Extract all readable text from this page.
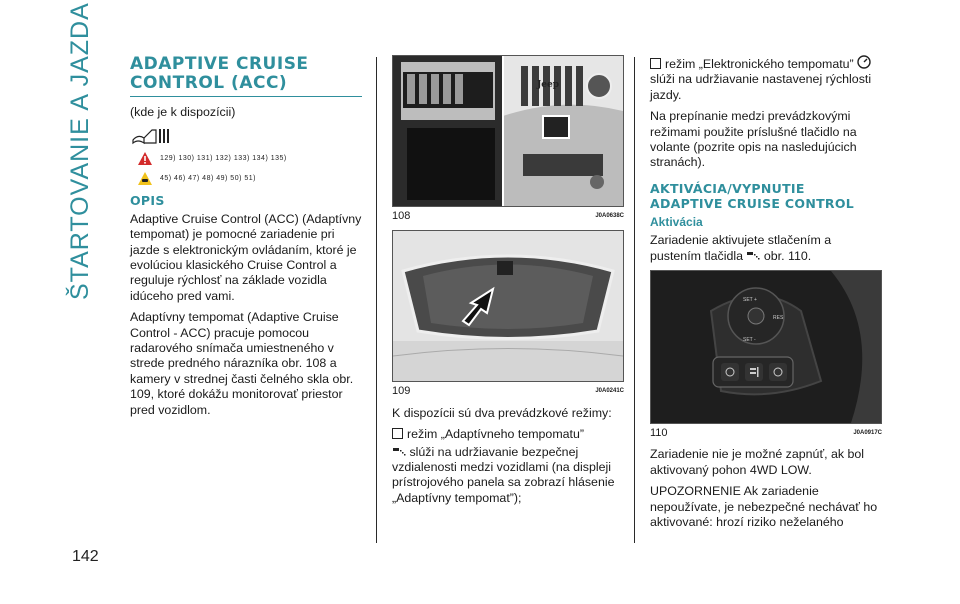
ŠTARTOVANIE A JAZDA
142
ADAPTIVE CRUISE CONTROL (ACC)

(kde je k dispozícii)

129) 130) 131) 132) 133) 134) 135)
45) 46) 47) 48) 49) 50) 51)
OPIS

Adaptive Cruise Control (ACC) (Adaptívny tempomat) je pomocné zariadenie pri jazde s elektronickým ovládaním, ktoré je evolúciou klasického Cruise Control a reguluje rýchlosť na základe vozidla idúceho pred vami.

Adaptívny tempomat (Adaptive Cruise Control - ACC) pracuje pomocou radarového snímača umiestneného v strede predného nárazníka obr. 108 a kamery v strednej časti čelného skla obr. 109, ktoré dokážu monitorovať priestor pred vozidlom.

Jeep
108	J0A0638C
109	J0A0241C

K dispozícii sú dva prevádzkové režimy:

režim „Adaptívneho tempomatu”

slúži na udržiavanie bezpečnej vzdialenosti medzi vozidlami (na displeji prístrojového panela sa zobrazí hlásenie „Adaptívny tempomat”);

režim „Elektronického tempomatu”

slúži na udržiavanie nastavenej rýchlosti jazdy.

Na prepínanie medzi prevádzkovými režimami použite príslušné tlačidlo na volante (pozrite opis na nasledujúcich stranách).

AKTIVÁCIA/VYPNUTIE ADAPTIVE CRUISE CONTROL
Aktivácia

Zariadenie aktivujete stlačením a pustením tlačidla obr. 110.

SET +
RES
SET -
110	J0A0917C

Zariadenie nie je možné zapnúť, ak bol aktivovaný pohon 4WD LOW.

UPOZORNENIE Ak zariadenie nepoužívate, je nebezpečné nechávať ho aktivované: hrozí riziko neželaného
